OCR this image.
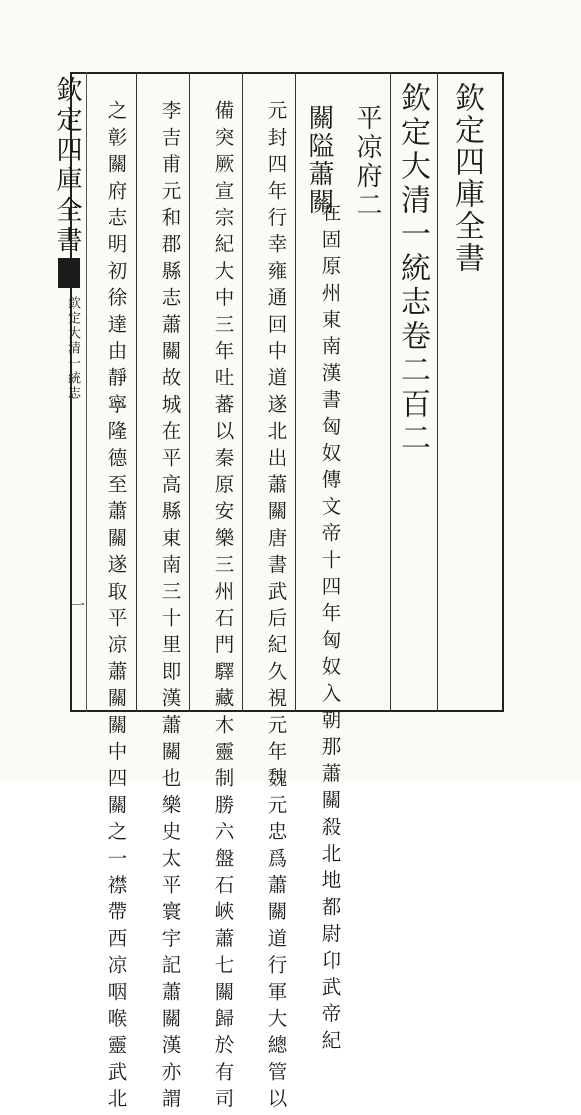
欽定四庫全書	欽定四庫全書
欽定大清一統志卷二百二
平凉府二
關隘蕭關
在固原州東南漢書匈奴傳文帝十四年匈奴入朝那蕭關殺北地都尉卬武帝紀
元封四年行幸雍通回中道遂北出蕭關唐書武后紀久視元年魏元忠爲蕭關道行軍大總管以
備突厥宣宗紀大中三年吐蕃以秦原安樂三州石門驛藏木靈制勝六盤石峽蕭七關歸於有司
李吉甫元和郡縣志蕭關故城在平高縣東南三十里即漢蕭關也樂史太平寰宇記蕭關漢亦謂
之彰關府志明初徐達由靜寧隆德至蕭關遂取平凉蕭關關中四關之一襟帶西凉咽喉靈武北
欽定大清一統志
一
